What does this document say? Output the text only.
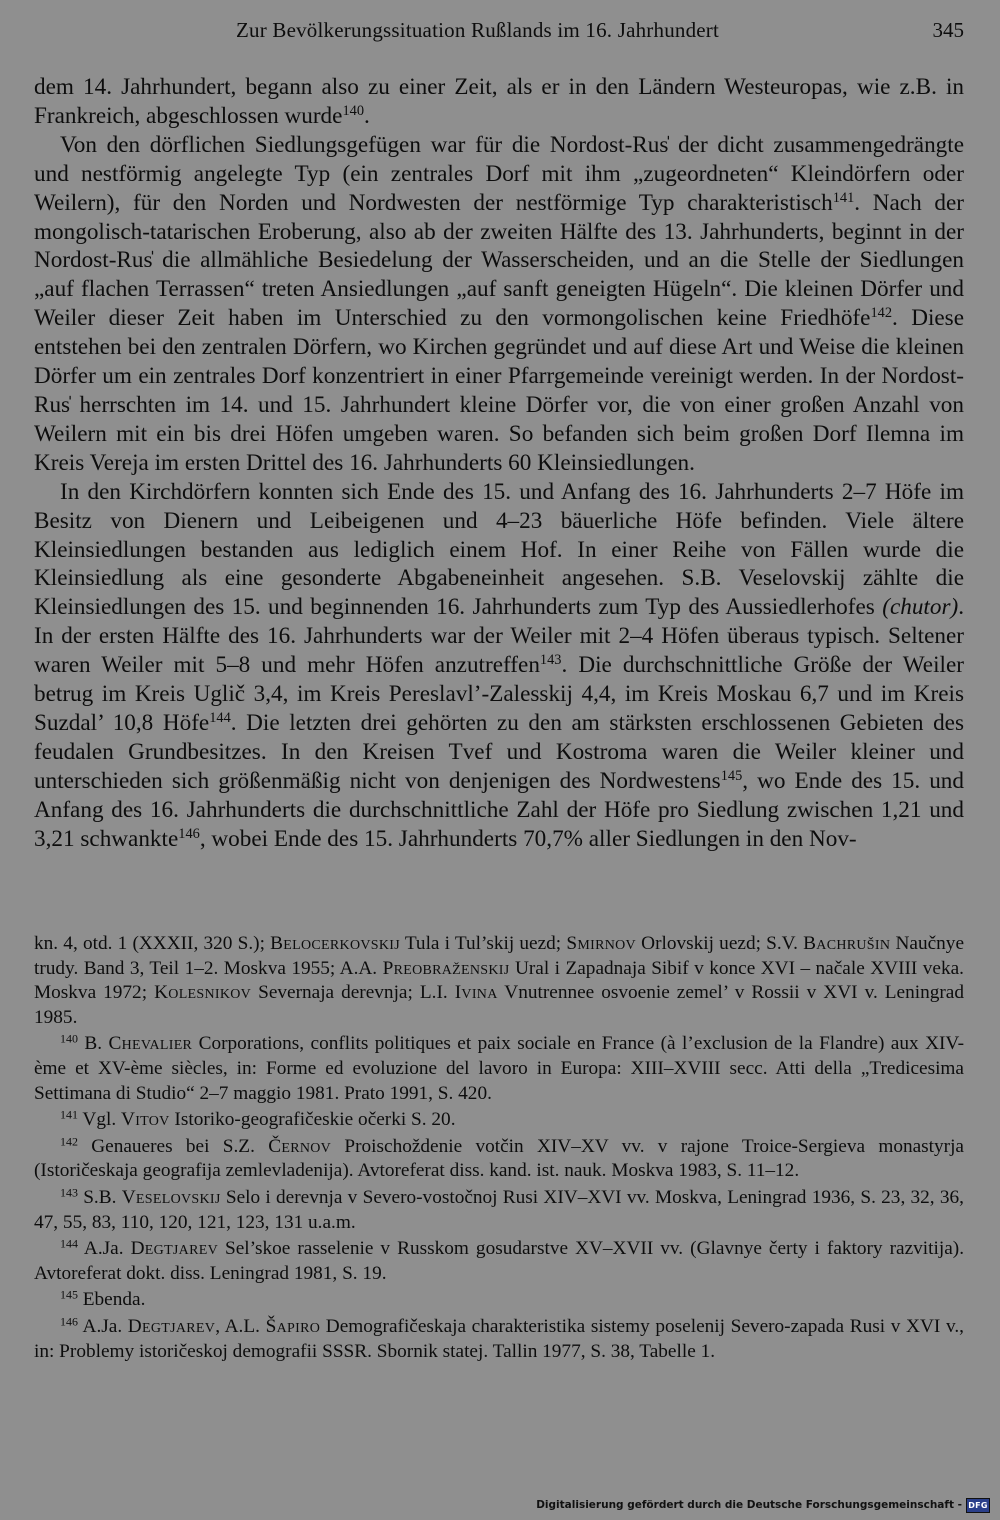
Zur Bevölkerungssituation Rußlands im 16. Jahrhundert	345

dem 14. Jahrhundert, begann also zu einer Zeit, als er in den Ländern Westeuropas, wie z.B. in Frankreich, abgeschlossen wurde$^{140}$.

Von den dörflichen Siedlungsgefügen war für die Nordost-Rus̍ der dicht zusammengedrängte und nestförmig angelegte Typ (ein zentrales Dorf mit ihm „zugeordneten“ Kleindörfern oder Weilern), für den Norden und Nordwesten der nestförmige Typ charakteristisch$^{141}$. Nach der mongolisch-tatarischen Eroberung, also ab der zweiten Hälfte des 13. Jahrhunderts, beginnt in der Nordost-Rus̍ die allmähliche Besiedelung der Wasserscheiden, und an die Stelle der Siedlungen „auf flachen Terrassen“ treten Ansiedlungen „auf sanft geneigten Hügeln“. Die kleinen Dörfer und Weiler dieser Zeit haben im Unterschied zu den vormongolischen keine Friedhöfe$^{142}$. Diese entstehen bei den zentralen Dörfern, wo Kirchen gegründet und auf diese Art und Weise die kleinen Dörfer um ein zentrales Dorf konzentriert in einer Pfarrgemeinde vereinigt werden. In der Nordost-Rus̍ herrschten im 14. und 15. Jahrhundert kleine Dörfer vor, die von einer großen Anzahl von Weilern mit ein bis drei Höfen umgeben waren. So befanden sich beim großen Dorf Ilemna im Kreis Vereja im ersten Drittel des 16. Jahrhunderts 60 Kleinsiedlungen.

In den Kirchdörfern konnten sich Ende des 15. und Anfang des 16. Jahrhunderts 2–7 Höfe im Besitz von Dienern und Leibeigenen und 4–23 bäuerliche Höfe befinden. Viele ältere Kleinsiedlungen bestanden aus lediglich einem Hof. In einer Reihe von Fällen wurde die Kleinsiedlung als eine gesonderte Abgabeneinheit angesehen. S.B. Veselovskij zählte die Kleinsiedlungen des 15. und beginnenden 16. Jahrhunderts zum Typ des Aussiedlerhofes (chutor). In der ersten Hälfte des 16. Jahrhunderts war der Weiler mit 2–4 Höfen überaus typisch. Seltener waren Weiler mit 5–8 und mehr Höfen anzutreffen$^{143}$. Die durchschnittliche Größe der Weiler betrug im Kreis Uglič 3,4, im Kreis Pereslavl’-Zalesskij 4,4, im Kreis Moskau 6,7 und im Kreis Suzdal’ 10,8 Höfe$^{144}$. Die letzten drei gehörten zu den am stärksten erschlossenen Gebieten des feudalen Grundbesitzes. In den Kreisen Tvef und Kostroma waren die Weiler kleiner und unterschieden sich größenmäßig nicht von denjenigen des Nordwestens$^{145}$, wo Ende des 15. und Anfang des 16. Jahrhunderts die durchschnittliche Zahl der Höfe pro Siedlung zwischen 1,21 und 3,21 schwankte$^{146}$, wobei Ende des 15. Jahrhunderts 70,7% aller Siedlungen in den Nov-

kn. 4, otd. 1 (XXXII, 320 S.); Belocerkovskij Tula i Tul’skij uezd; Smirnov Orlovskij uezd; S.V. Bachrušin Naučnye trudy. Band 3, Teil 1–2. Moskva 1955; A.A. Preobraženskij Ural i Zapadnaja Sibif v konce XVI – načale XVIII veka. Moskva 1972; Kolesnikov Severnaja derevnja; L.I. Ivina Vnutrennee osvoenie zemel’ v Rossii v XVI v. Leningrad 1985.

$^{140}$ B. Chevalier Corporations, conflits politiques et paix sociale en France (à l’exclusion de la Flandre) aux XIV-ème et XV-ème siècles, in: Forme ed evoluzione del lavoro in Europa: XIII–XVIII secc. Atti della „Tredicesima Settimana di Studio“ 2–7 maggio 1981. Prato 1991, S. 420.

$^{141}$ Vgl. Vitov Istoriko-geografičeskie očerki S. 20.

$^{142}$ Genaueres bei S.Z. Černov Proischoždenie votčin XIV–XV vv. v rajone Troice-Sergieva monastyrja (Istoričeskaja geografija zemlevladenija). Avtoreferat diss. kand. ist. nauk. Moskva 1983, S. 11–12.

$^{143}$ S.B. Veselovskij Selo i derevnja v Severo-vostočnoj Rusi XIV–XVI vv. Moskva, Leningrad 1936, S. 23, 32, 36, 47, 55, 83, 110, 120, 121, 123, 131 u.a.m.

$^{144}$ A.Ja. Degtjarev Sel’skoe rasselenie v Russkom gosudarstve XV–XVII vv. (Glavnye čerty i faktory razvitija). Avtoreferat dokt. diss. Leningrad 1981, S. 19.

$^{145}$ Ebenda.

$^{146}$ A.Ja. Degtjarev, A.L. Šapiro Demografičeskaja charakteristika sistemy poselenij Severo-zapada Rusi v XVI v., in: Problemy istoričeskoj demografii SSSR. Sbornik statej. Tallin 1977, S. 38, Tabelle 1.

Digitalisierung gefördert durch die Deutsche Forschungsgemeinschaft - DFG
